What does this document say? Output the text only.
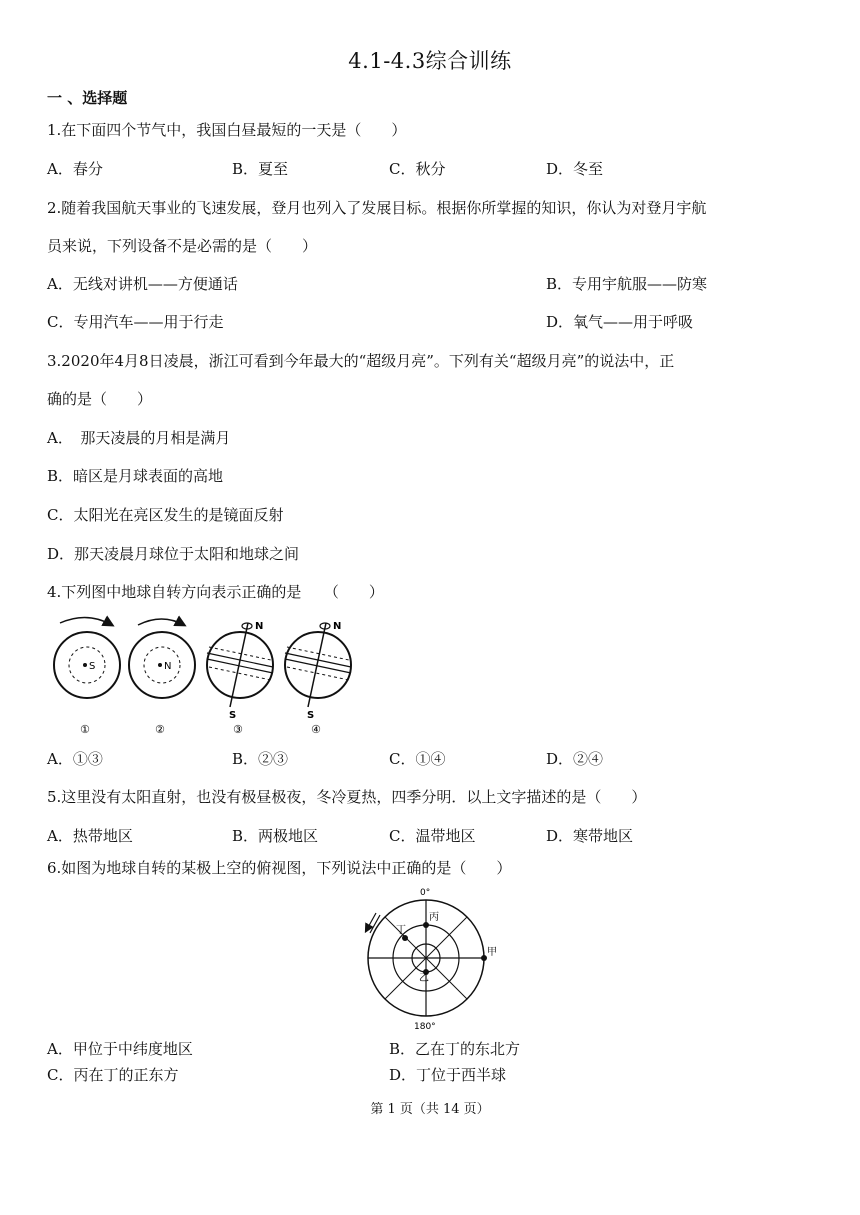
4.1-4.3综合训练
一 、选择题
1.在下面四个节气中，我国白昼最短的一天是（　　）
A．春分	B．夏至	C．秋分	D．冬至
2.随着我国航天事业的飞速发展，登月也列入了发展目标。根据你所掌握的知识，你认为对登月宇航
员来说，下列设备不是必需的是（　　）
A．无线对讲机——方便通话	B．专用宇航服——防寒
C．专用汽车——用于行走	D．氧气——用于呼吸
3.2020年4月8日凌晨，浙江可看到今年最大的“超级月亮”。下列有关“超级月亮”的说法中，正
确的是（　　）
A．　那天凌晨的月相是满月
B．暗区是月球表面的高地
C．太阳光在亮区发生的是镜面反射
D．那天凌晨月球位于太阳和地球之间
4.下列图中地球自转方向表示正确的是　　（　　）
S	N
N
S
N
S
①	②	③	④
A．①③	B．②③	C．①④	D．②④
5.这里没有太阳直射，也没有极昼极夜，冬冷夏热，四季分明．以上文字描述的是（　　）
A．热带地区	B．两极地区	C．温带地区	D．寒带地区
6.如图为地球自转的某极上空的俯视图，下列说法中正确的是（　　）
0°
180°
甲
丙
丁
乙
A．甲位于中纬度地区	B．乙在丁的东北方
C．丙在丁的正东方	D．丁位于西半球
第 1 页（共 14 页）
